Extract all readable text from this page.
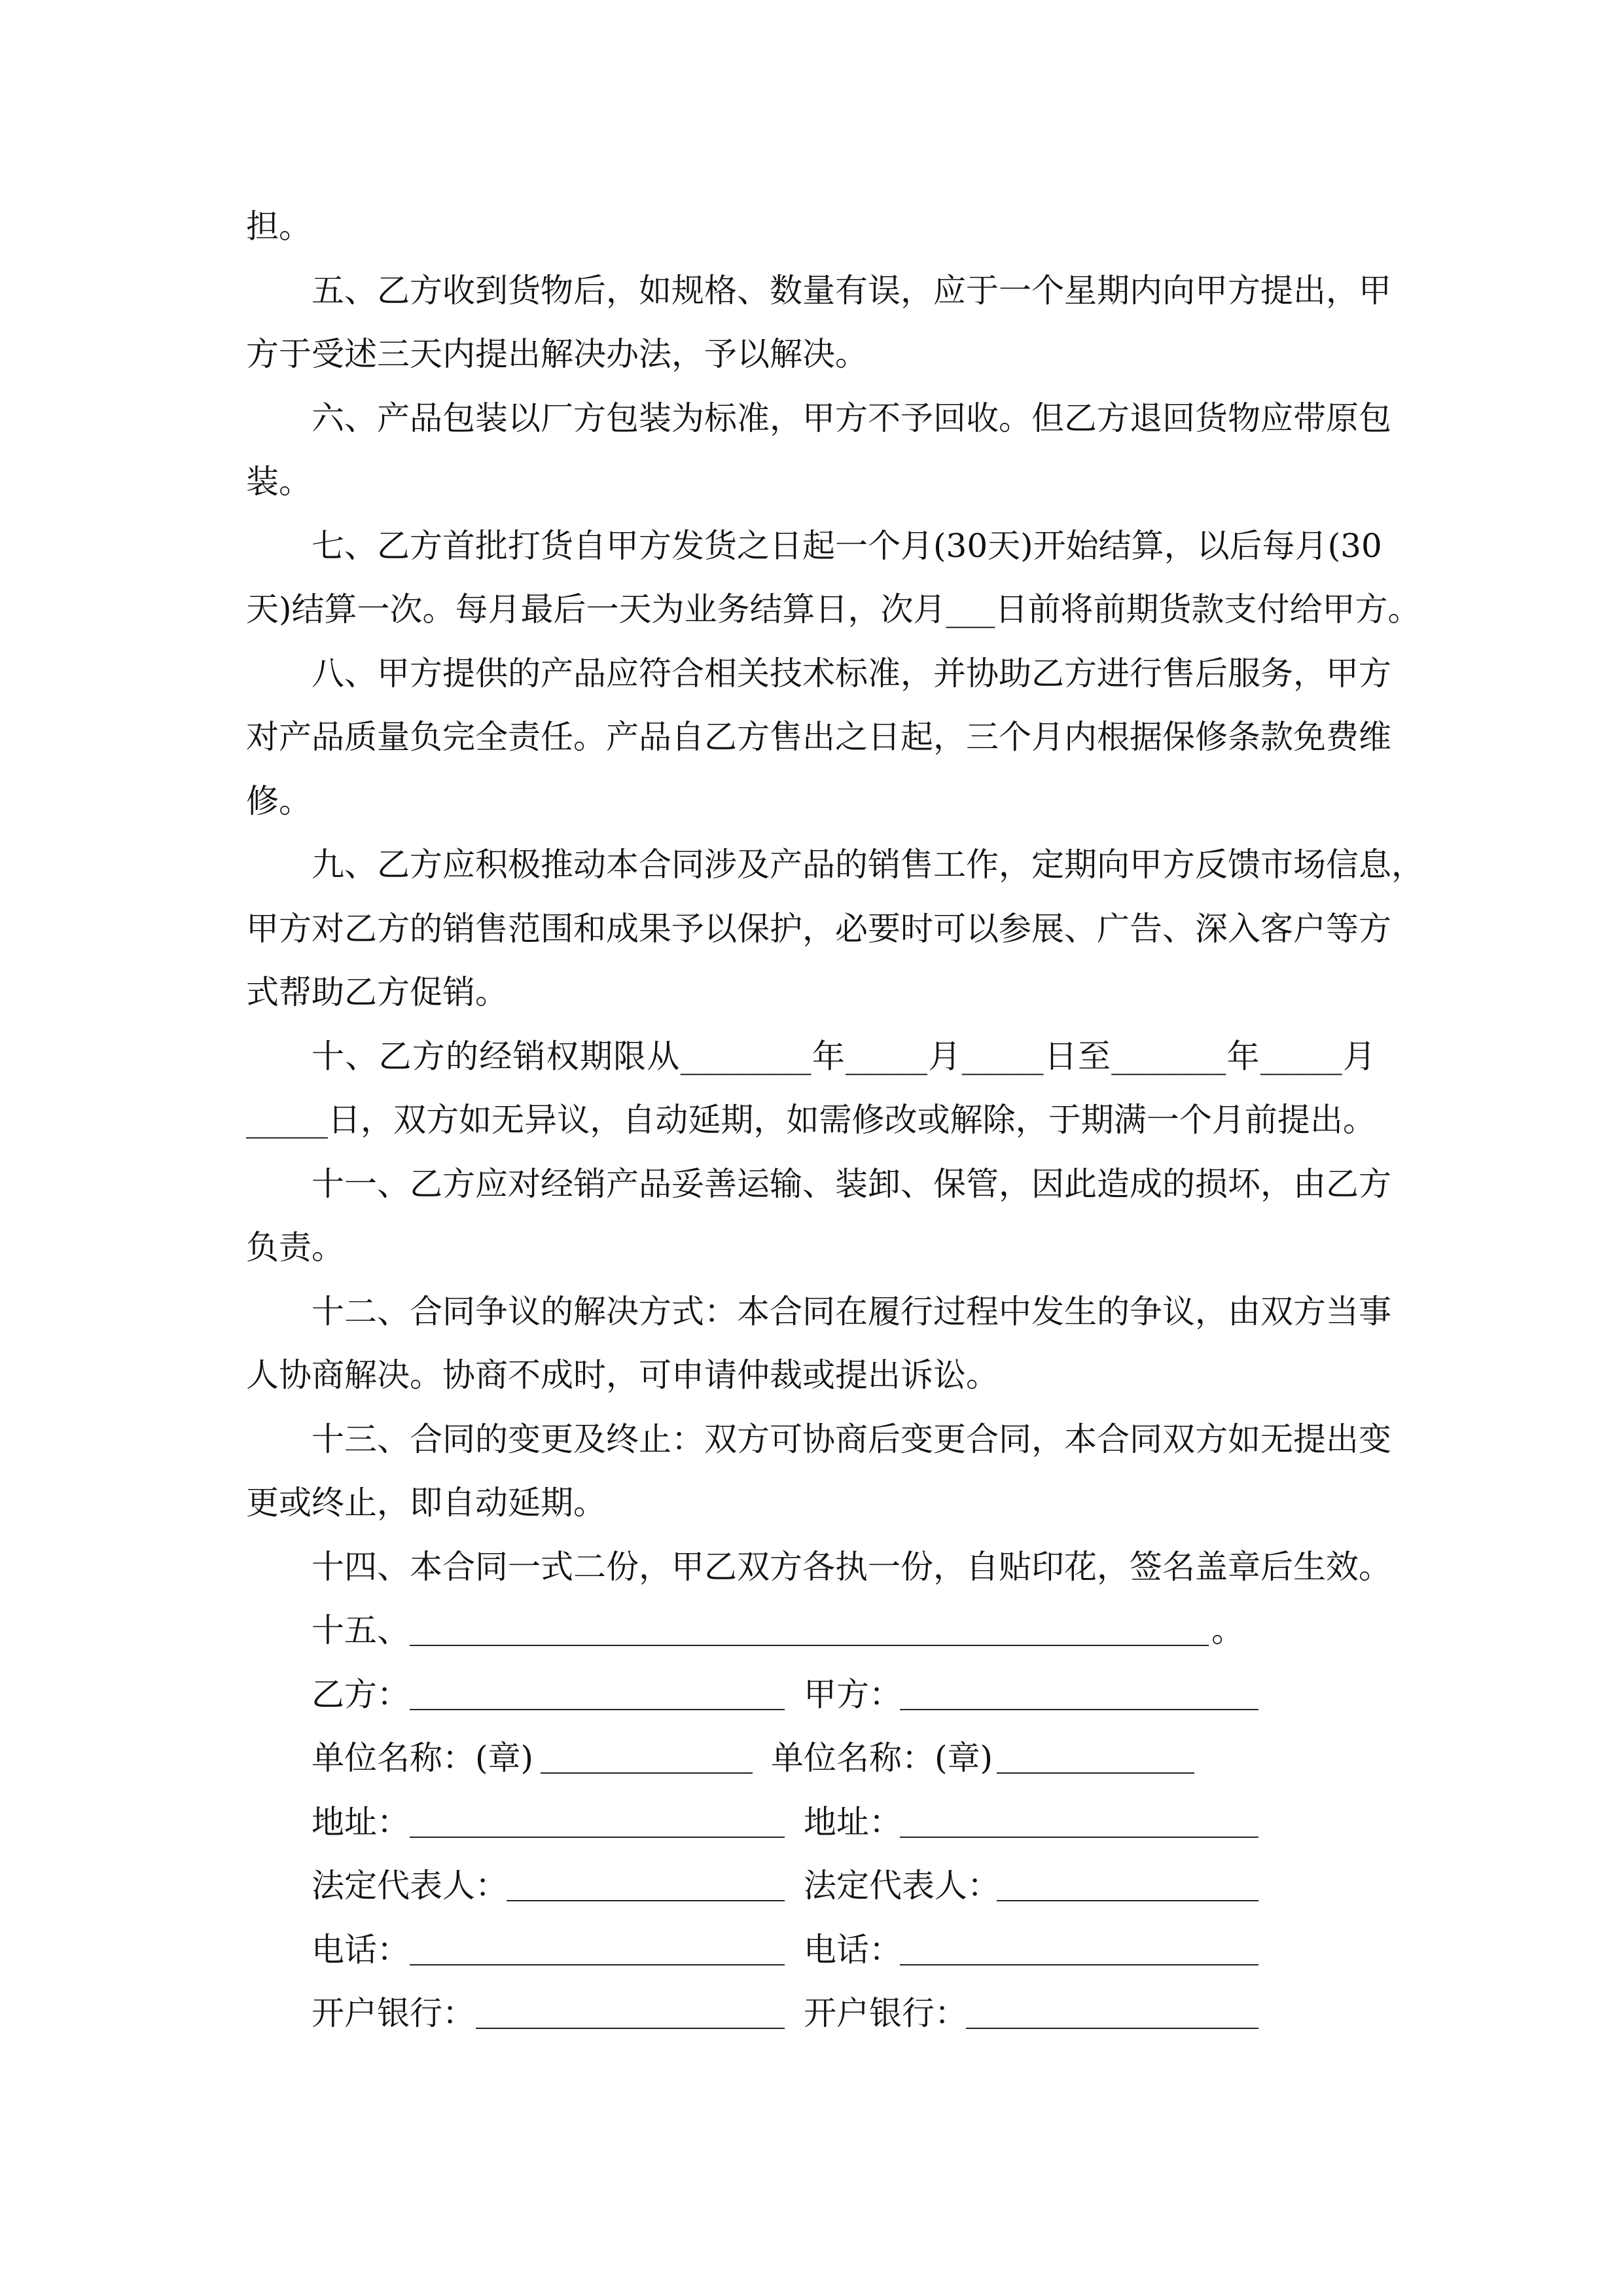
担。
五、乙方收到货物后，如规格、数量有误，应于一个星期内向甲方提出，甲
方于受述三天内提出解决办法，予以解决。
六、产品包装以厂方包装为标准，甲方不予回收。但乙方退回货物应带原包
装。
七、乙方首批打货自甲方发货之日起一个月(30天)开始结算，以后每月(30
天)结算一次。每月最后一天为业务结算日，次月___日前将前期货款支付给甲方。
八、甲方提供的产品应符合相关技术标准，并协助乙方进行售后服务，甲方
对产品质量负完全责任。产品自乙方售出之日起，三个月内根据保修条款免费维
修。
九、乙方应积极推动本合同涉及产品的销售工作，定期向甲方反馈市场信息，
甲方对乙方的销售范围和成果予以保护，必要时可以参展、广告、深入客户等方
式帮助乙方促销。
十、乙方的经销权期限从________年_____月_____日至_______年_____月
_____日，双方如无异议，自动延期，如需修改或解除，于期满一个月前提出。
十一、乙方应对经销产品妥善运输、装卸、保管，因此造成的损坏，由乙方
负责。
十二、合同争议的解决方式：本合同在履行过程中发生的争议，由双方当事
人协商解决。协商不成时，可申请仲裁或提出诉讼。
十三、合同的变更及终止：双方可协商后变更合同，本合同双方如无提出变
更或终止，即自动延期。
十四、本合同一式二份，甲乙双方各执一份，自贴印花，签名盖章后生效。
十五、	。
乙方：	甲方：
单位名称：(章)	单位名称：(章)
地址：	地址：
法定代表人：	法定代表人：
电话：	电话：
开户银行：	开户银行：
